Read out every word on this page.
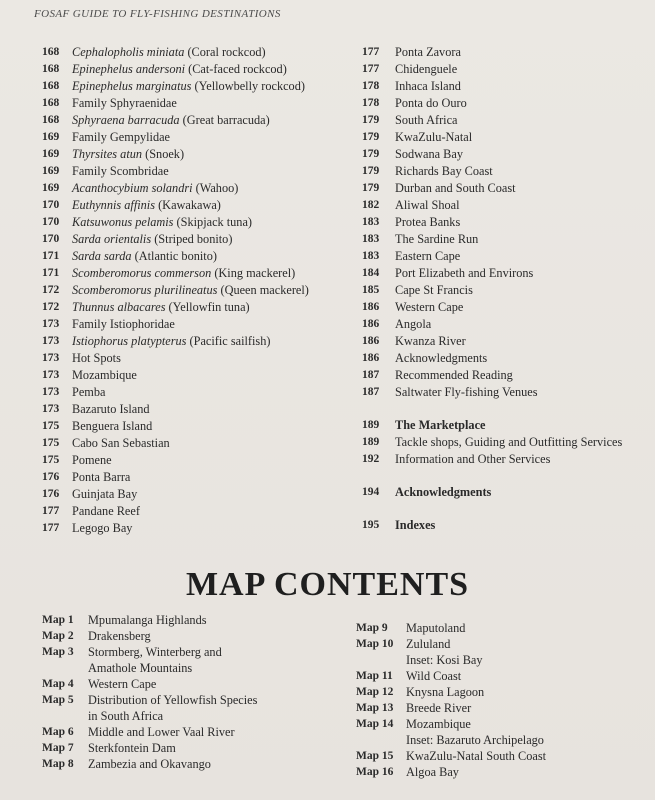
FOSAF GUIDE TO FLY-FISHING DESTINATIONS
168	Cephalopholis miniata (Coral rockcod)
168	Epinephelus andersoni (Cat-faced rockcod)
168	Epinephelus marginatus (Yellowbelly rockcod)
168	Family Sphyraenidae
168	Sphyraena barracuda (Great barracuda)
169	Family Gempylidae
169	Thyrsites atun (Snoek)
169	Family Scombridae
169	Acanthocybium solandri (Wahoo)
170	Euthynnis affinis (Kawakawa)
170	Katsuwonus pelamis (Skipjack tuna)
170	Sarda orientalis (Striped bonito)
171	Sarda sarda (Atlantic bonito)
171	Scomberomorus commerson (King mackerel)
172	Scomberomorus plurilineatus (Queen mackerel)
172	Thunnus albacares (Yellowfin tuna)
173	Family Istiophoridae
173	Istiophorus platypterus (Pacific sailfish)
173	Hot Spots
173	Mozambique
173	Pemba
173	Bazaruto Island
175	Benguera Island
175	Cabo San Sebastian
175	Pomene
176	Ponta Barra
176	Guinjata Bay
177	Pandane Reef
177	Legogo Bay
177	Ponta Zavora
177	Chidenguele
178	Inhaca Island
178	Ponta do Ouro
179	South Africa
179	KwaZulu-Natal
179	Sodwana Bay
179	Richards Bay Coast
179	Durban and South Coast
182	Aliwal Shoal
183	Protea Banks
183	The Sardine Run
183	Eastern Cape
184	Port Elizabeth and Environs
185	Cape St Francis
186	Western Cape
186	Angola
186	Kwanza River
186	Acknowledgments
187	Recommended Reading
187	Saltwater Fly-fishing Venues
189	The Marketplace
189	Tackle shops, Guiding and Outfitting Services
192	Information and Other Services
194	Acknowledgments
195	Indexes
MAP CONTENTS
Map 1	Mpumalanga Highlands
Map 2	Drakensberg
Map 3	Stormberg, Winterberg and
Amathole Mountains
Map 4	Western Cape
Map 5	Distribution of Yellowfish Species
in South Africa
Map 6	Middle and Lower Vaal River
Map 7	Sterkfontein Dam
Map 8	Zambezia and Okavango
Map 9	Maputoland
Map 10	Zululand
Inset: Kosi Bay
Map 11	Wild Coast
Map 12	Knysna Lagoon
Map 13	Breede River
Map 14	Mozambique
Inset: Bazaruto Archipelago
Map 15	KwaZulu-Natal South Coast
Map 16	Algoa Bay
